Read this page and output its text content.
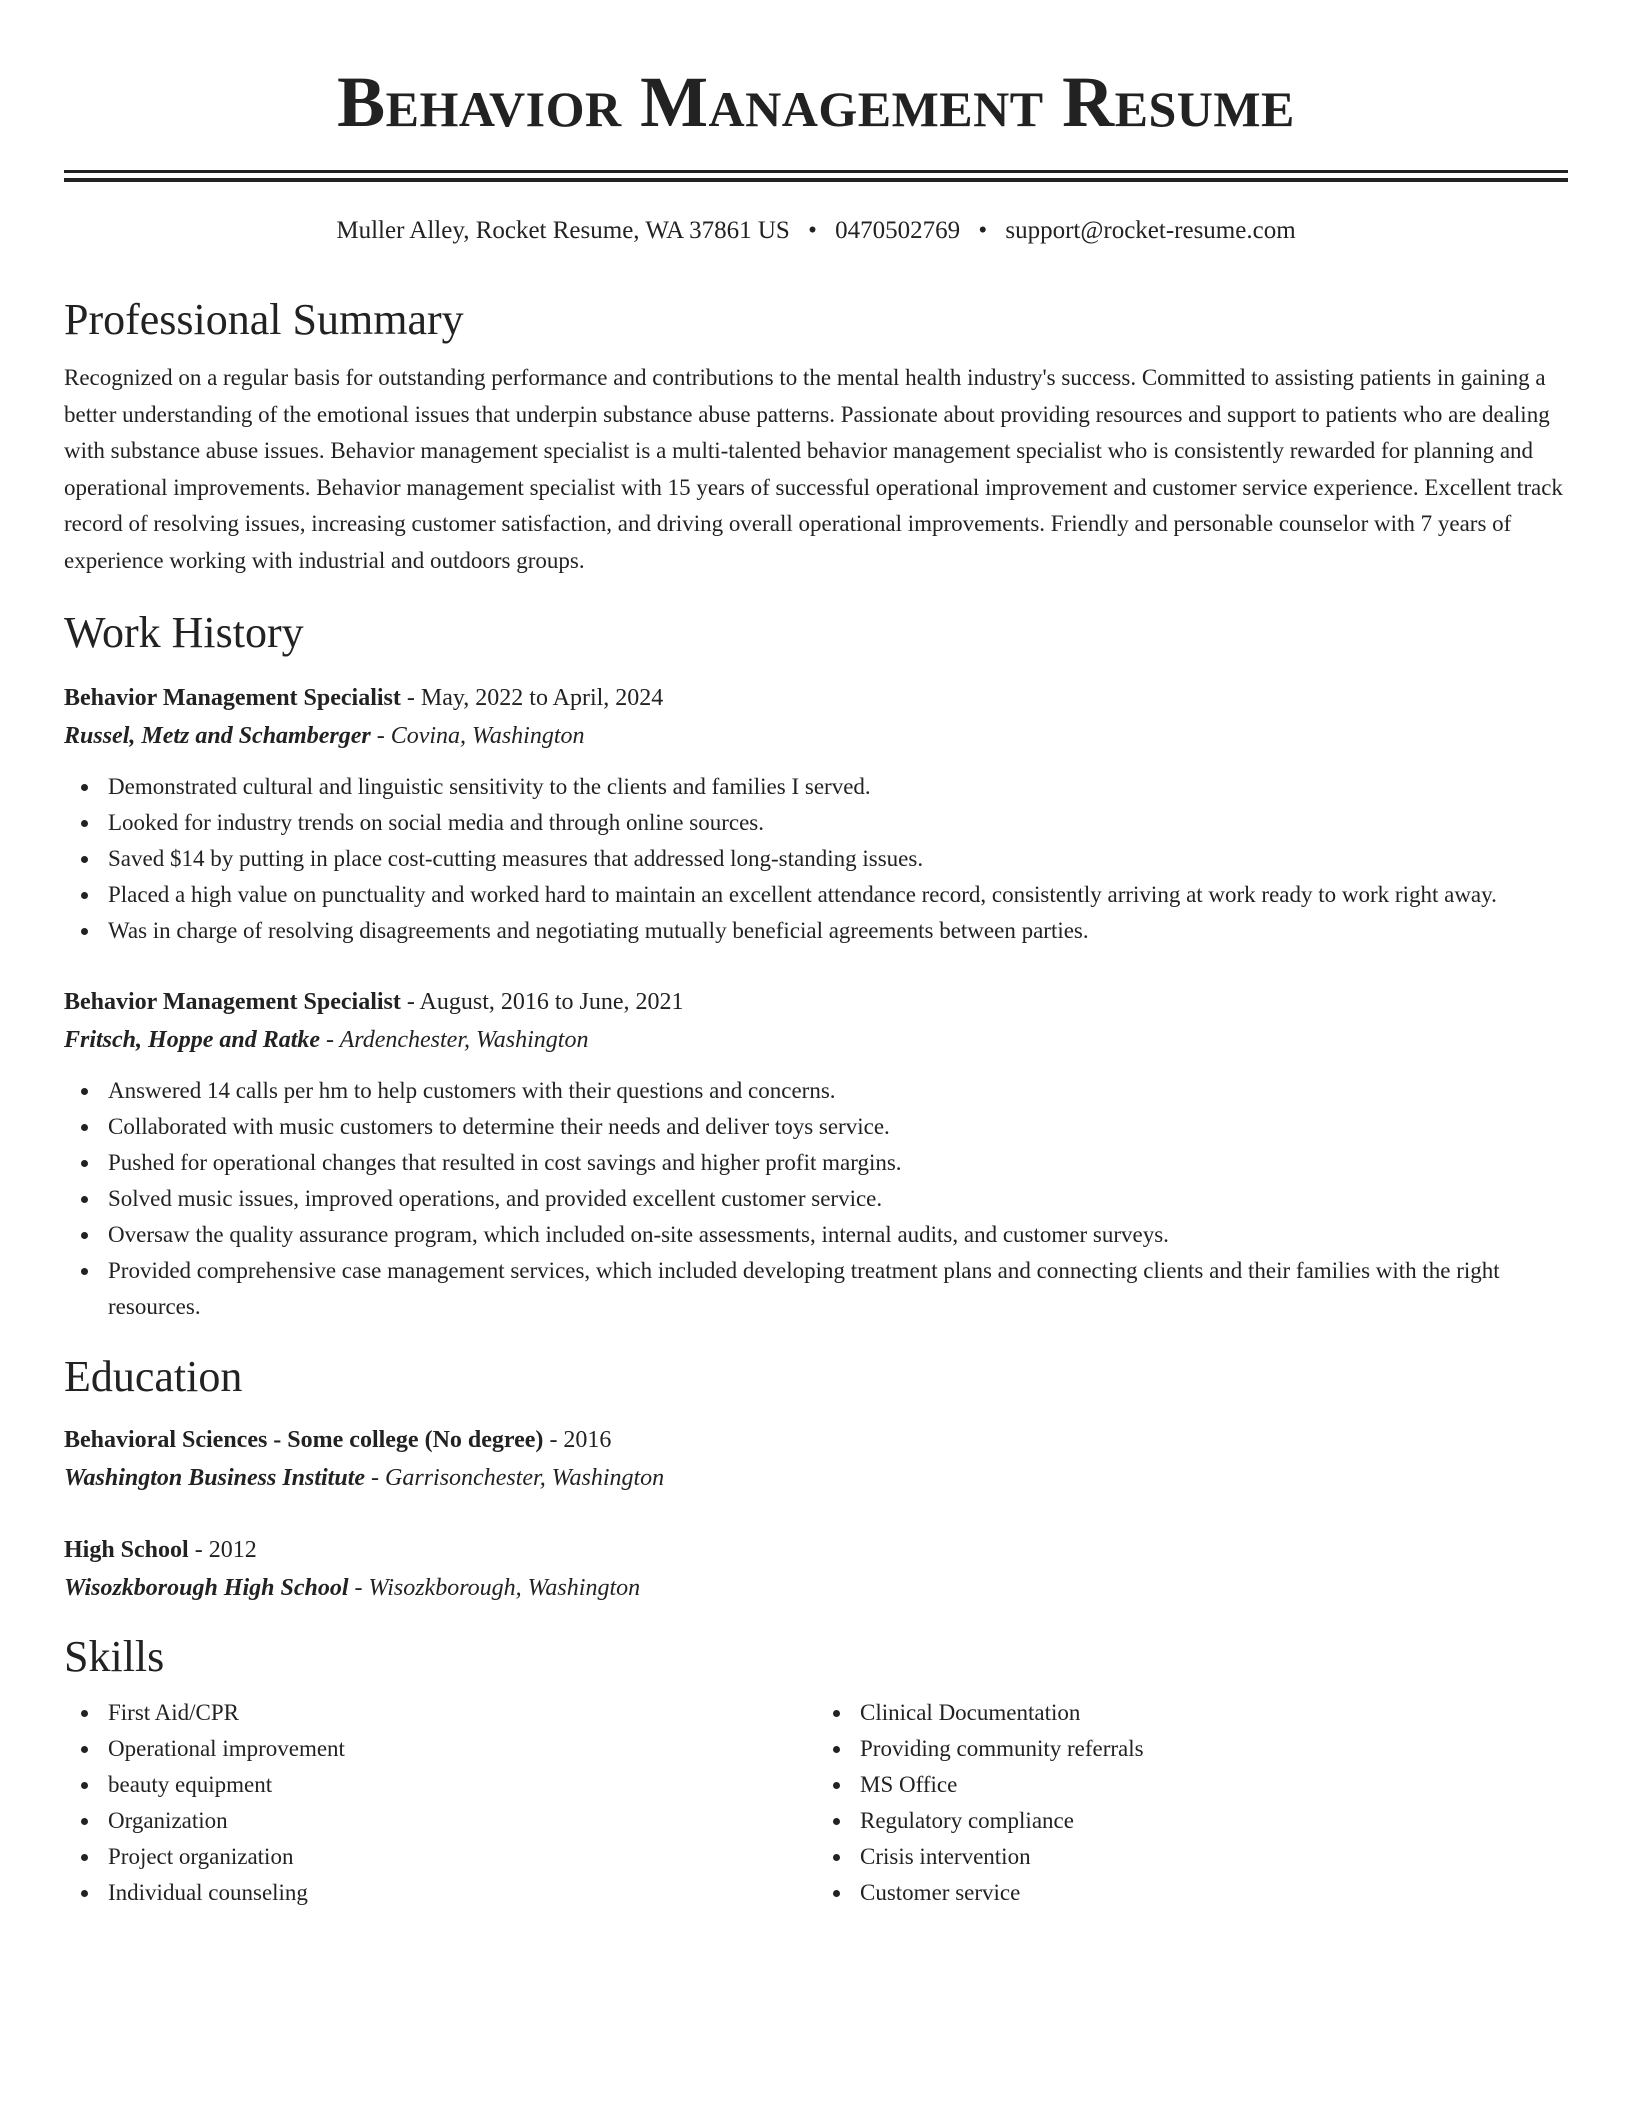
Behavior Management Resume
Muller Alley, Rocket Resume, WA 37861 US • 0470502769 • support@rocket-resume.com
Professional Summary
Recognized on a regular basis for outstanding performance and contributions to the mental health industry's success. Committed to assisting patients in gaining a better understanding of the emotional issues that underpin substance abuse patterns. Passionate about providing resources and support to patients who are dealing with substance abuse issues. Behavior management specialist is a multi-talented behavior management specialist who is consistently rewarded for planning and operational improvements. Behavior management specialist with 15 years of successful operational improvement and customer service experience. Excellent track record of resolving issues, increasing customer satisfaction, and driving overall operational improvements. Friendly and personable counselor with 7 years of experience working with industrial and outdoors groups.
Work History
Behavior Management Specialist - May, 2022 to April, 2024
Russel, Metz and Schamberger - Covina, Washington
Demonstrated cultural and linguistic sensitivity to the clients and families I served.
Looked for industry trends on social media and through online sources.
Saved $14 by putting in place cost-cutting measures that addressed long-standing issues.
Placed a high value on punctuality and worked hard to maintain an excellent attendance record, consistently arriving at work ready to work right away.
Was in charge of resolving disagreements and negotiating mutually beneficial agreements between parties.
Behavior Management Specialist - August, 2016 to June, 2021
Fritsch, Hoppe and Ratke - Ardenchester, Washington
Answered 14 calls per hm to help customers with their questions and concerns.
Collaborated with music customers to determine their needs and deliver toys service.
Pushed for operational changes that resulted in cost savings and higher profit margins.
Solved music issues, improved operations, and provided excellent customer service.
Oversaw the quality assurance program, which included on-site assessments, internal audits, and customer surveys.
Provided comprehensive case management services, which included developing treatment plans and connecting clients and their families with the right resources.
Education
Behavioral Sciences - Some college (No degree) - 2016
Washington Business Institute - Garrisonchester, Washington
High School - 2012
Wisozkborough High School - Wisozkborough, Washington
Skills
First Aid/CPR
Operational improvement
beauty equipment
Organization
Project organization
Individual counseling
Clinical Documentation
Providing community referrals
MS Office
Regulatory compliance
Crisis intervention
Customer service
